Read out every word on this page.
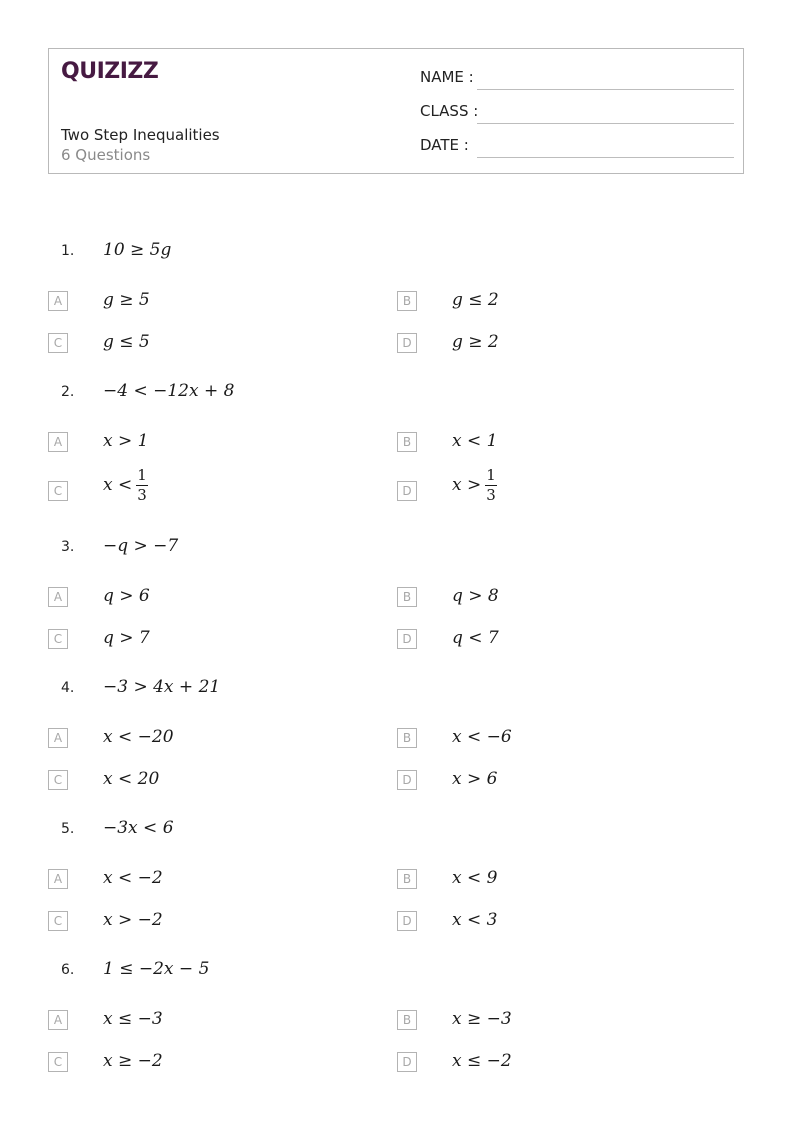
QUIZIZZ
Two Step Inequalities
6 Questions
NAME :
CLASS :
DATE :
1. 10 ≥ 5g
A	g ≥ 5	B	g ≤ 2
C	g ≤ 5	D	g ≥ 2
2. −4 < −12x + 8
A	x > 1	B	x < 1
C	$x < \frac{1}{3}$	D	$x > \frac{1}{3}$
3. −q > −7
A	q > 6	B	q > 8
C	q > 7	D	q < 7
4. −3 > 4x + 21
A	x < −20	B	x < −6
C	x < 20	D	x > 6
5. −3x < 6
A	x < −2	B	x < 9
C	x > −2	D	x < 3
6. 1 ≤ −2x − 5
A	x ≤ −3	B	x ≥ −3
C	x ≥ −2	D	x ≤ −2
